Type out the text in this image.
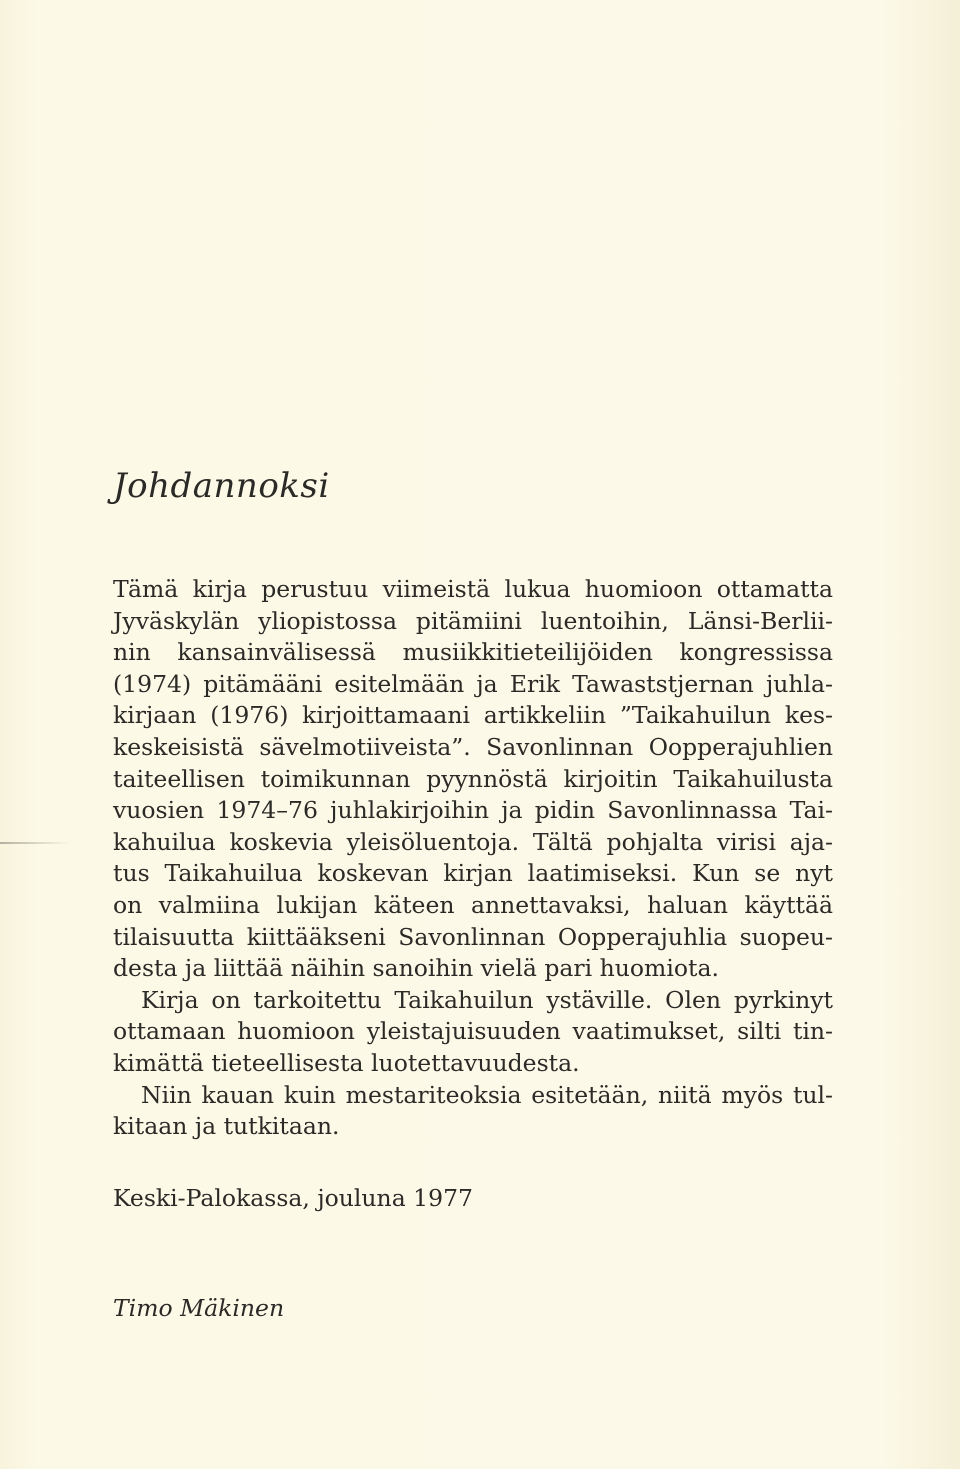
Johdannoksi
Tämä kirja perustuu viimeistä lukua huomioon ottamatta
Jyväskylän yliopistossa pitämiini luentoihin, Länsi-Berlii-
nin kansainvälisessä musiikkitieteilijöiden kongressissa
(1974) pitämääni esitelmään ja Erik Tawaststjernan juhla-
kirjaan (1976) kirjoittamaani artikkeliin ”Taikahuilun kes-
keskeisistä sävelmotiiveista”. Savonlinnan Oopperajuhlien
taiteellisen toimikunnan pyynnöstä kirjoitin Taikahuilusta
vuosien 1974–76 juhlakirjoihin ja pidin Savonlinnassa Tai-
kahuilua koskevia yleisöluentoja. Tältä pohjalta virisi aja-
tus Taikahuilua koskevan kirjan laatimiseksi. Kun se nyt
on valmiina lukijan käteen annettavaksi, haluan käyttää
tilaisuutta kiittääkseni Savonlinnan Oopperajuhlia suopeu-
desta ja liittää näihin sanoihin vielä pari huomiota.
Kirja on tarkoitettu Taikahuilun ystäville. Olen pyrkinyt
ottamaan huomioon yleistajuisuuden vaatimukset, silti tin-
kimättä tieteellisesta luotettavuudesta.
Niin kauan kuin mestariteoksia esitetään, niitä myös tul-
kitaan ja tutkitaan.
Keski-Palokassa, jouluna 1977
Timo Mäkinen
